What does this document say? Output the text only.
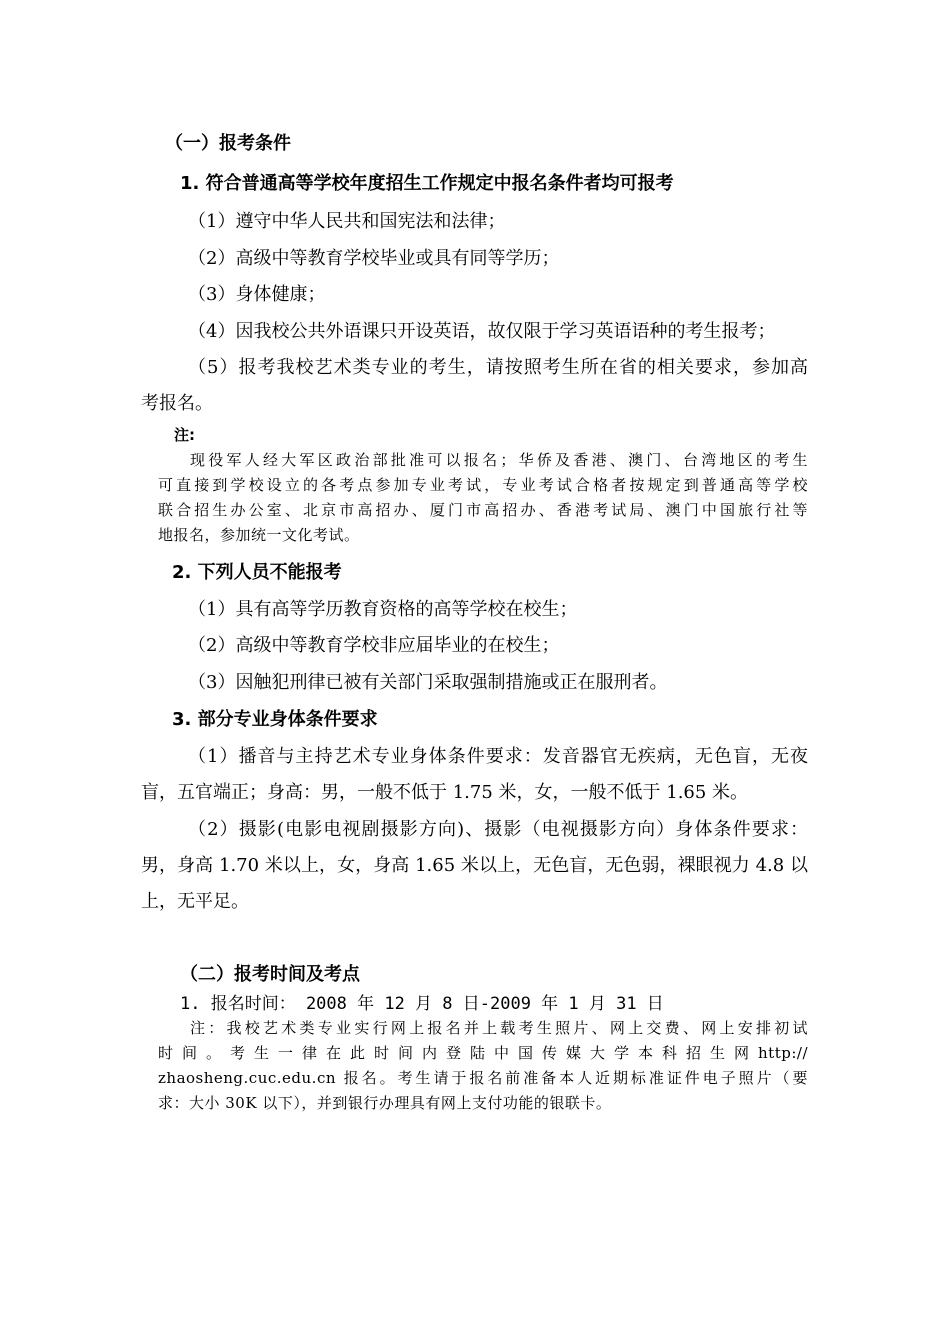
（一）报考条件
1. 符合普通高等学校年度招生工作规定中报名条件者均可报考
（1）遵守中华人民共和国宪法和法律；
（2）高级中等教育学校毕业或具有同等学历；
（3）身体健康；
（4）因我校公共外语课只开设英语，故仅限于学习英语语种的考生报考；
（5）报考我校艺术类专业的考生，请按照考生所在省的相关要求，参加高
考报名。
注:
现役军人经大军区政治部批准可以报名；华侨及香港、澳门、台湾地区的考生
可直接到学校设立的各考点参加专业考试，专业考试合格者按规定到普通高等学校
联合招生办公室、北京市高招办、厦门市高招办、香港考试局、澳门中国旅行社等
地报名，参加统一文化考试。
2. 下列人员不能报考
（1）具有高等学历教育资格的高等学校在校生；
（2）高级中等教育学校非应届毕业的在校生；
（3）因触犯刑律已被有关部门采取强制措施或正在服刑者。
3. 部分专业身体条件要求
（1）播音与主持艺术专业身体条件要求：发音器官无疾病，无色盲，无夜
盲，五官端正；身高：男，一般不低于 1.75 米，女，一般不低于 1.65 米。
（2）摄影(电影电视剧摄影方向)、摄影（电视摄影方向）身体条件要求：
男，身高 1.70 米以上，女，身高 1.65 米以上，无色盲，无色弱，裸眼视力 4.8 以
上，无平足。
（二）报考时间及考点
1. 报名时间： 2008 年 12 月 8 日-2009 年 1 月 31 日
注：我校艺术类专业实行网上报名并上载考生照片、网上交费、网上安排初试
时 间 。 考 生 一 律 在 此 时 间 内 登 陆 中 国 传 媒 大 学 本 科 招 生 网 http://
zhaosheng.cuc.edu.cn 报名。考生请于报名前准备本人近期标准证件电子照片（要
求：大小 30K 以下），并到银行办理具有网上支付功能的银联卡。
